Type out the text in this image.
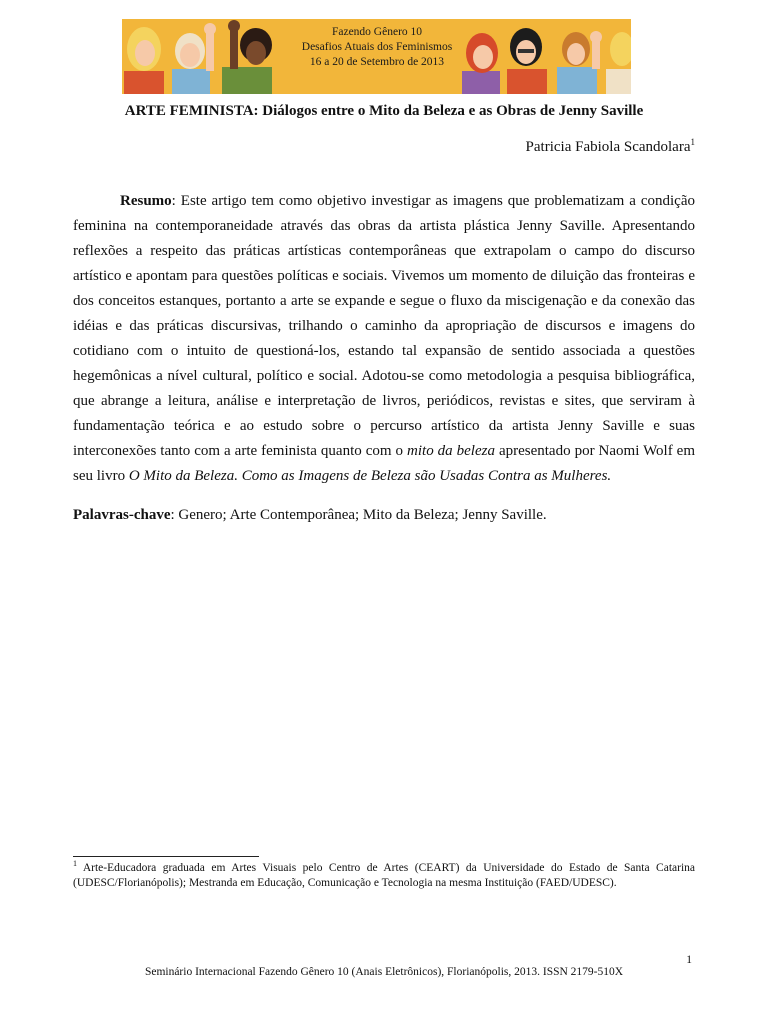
Fazendo Gênero 10
Desafios Atuais dos Feminismos
16 a 20 de Setembro de 2013
ARTE FEMINISTA: Diálogos entre o Mito da Beleza e as Obras de Jenny Saville
Patricia Fabiola Scandolara$^1$

Resumo: Este artigo tem como objetivo investigar as imagens que problematizam a condição feminina na contemporaneidade através das obras da artista plástica Jenny Saville. Apresentando reflexões a respeito das práticas artísticas contemporâneas que extrapolam o campo do discurso artístico e apontam para questões políticas e sociais. Vivemos um momento de diluição das fronteiras e dos conceitos estanques, portanto a arte se expande e segue o fluxo da miscigenação e da conexão das idéias e das práticas discursivas, trilhando o caminho da apropriação de discursos e imagens do cotidiano com o intuito de questioná-los, estando tal expansão de sentido associada a questões hegemônicas a nível cultural, político e social. Adotou-se como metodologia a pesquisa bibliográfica, que abrange a leitura, análise e interpretação de livros, periódicos, revistas e sites, que serviram à fundamentação teórica e ao estudo sobre o percurso artístico da artista Jenny Saville e suas interconexões tanto com a arte feminista quanto com o mito da beleza apresentado por Naomi Wolf em seu livro O Mito da Beleza. Como as Imagens de Beleza são Usadas Contra as Mulheres.

Palavras-chave: Genero; Arte Contemporânea; Mito da Beleza; Jenny Saville.
$^1$ Arte-Educadora graduada em Artes Visuais pelo Centro de Artes (CEART) da Universidade do Estado de Santa Catarina (UDESC/Florianópolis); Mestranda em Educação, Comunicação e Tecnologia na mesma Instituição (FAED/UDESC).
1
Seminário Internacional Fazendo Gênero 10 (Anais Eletrônicos), Florianópolis, 2013. ISSN 2179-510X
